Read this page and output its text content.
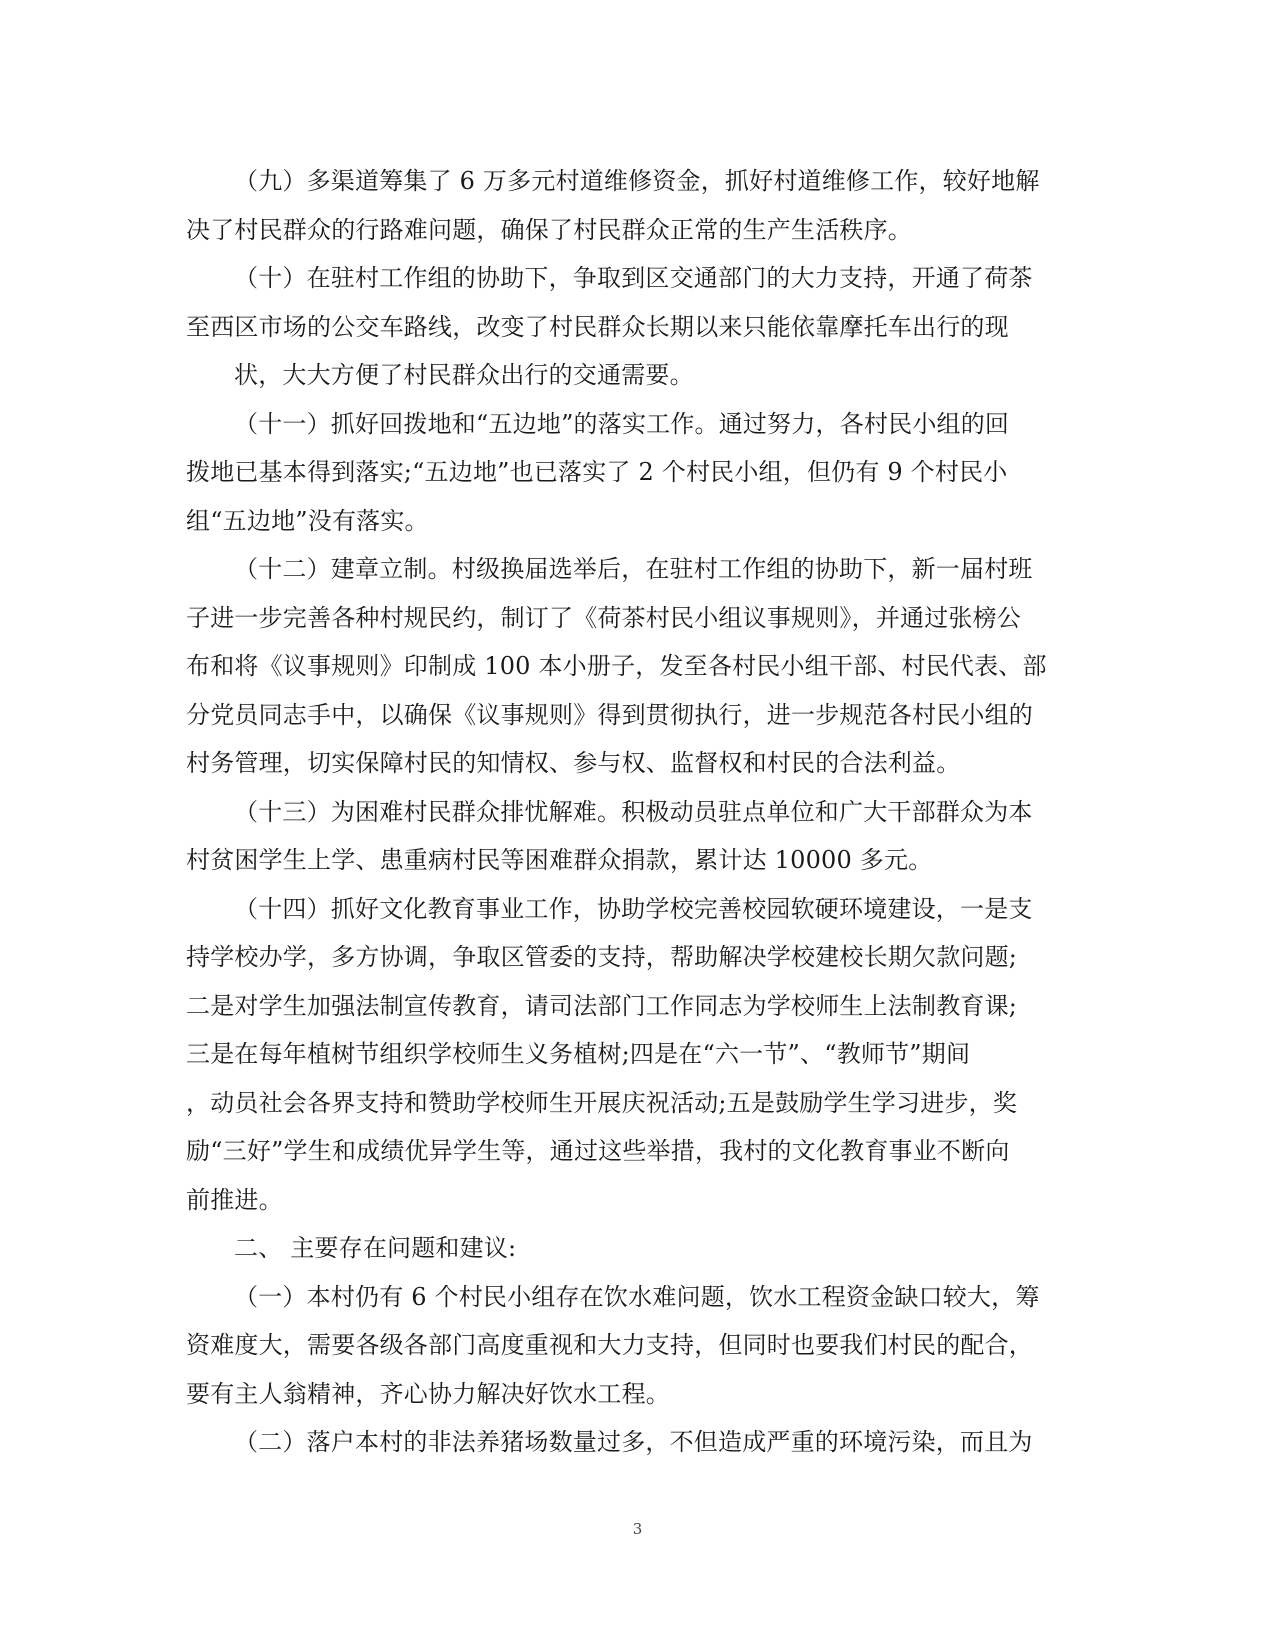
（九）多渠道筹集了 6 万多元村道维修资金，抓好村道维修工作，较好地解
决了村民群众的行路难问题，确保了村民群众正常的生产生活秩序。
（十）在驻村工作组的协助下，争取到区交通部门的大力支持，开通了荷茶
至西区市场的公交车路线，改变了村民群众长期以来只能依靠摩托车出行的现
状，大大方便了村民群众出行的交通需要。
（十一）抓好回拨地和“五边地”的落实工作。通过努力，各村民小组的回
拨地已基本得到落实;“五边地”也已落实了 2 个村民小组，但仍有 9 个村民小
组“五边地”没有落实。
（十二）建章立制。村级换届选举后，在驻村工作组的协助下，新一届村班
子进一步完善各种村规民约，制订了《荷茶村民小组议事规则》，并通过张榜公
布和将《议事规则》印制成 100 本小册子，发至各村民小组干部、村民代表、部
分党员同志手中，以确保《议事规则》得到贯彻执行，进一步规范各村民小组的
村务管理，切实保障村民的知情权、参与权、监督权和村民的合法利益。
（十三）为困难村民群众排忧解难。积极动员驻点单位和广大干部群众为本
村贫困学生上学、患重病村民等困难群众捐款，累计达 10000 多元。
（十四）抓好文化教育事业工作，协助学校完善校园软硬环境建设，一是支
持学校办学，多方协调，争取区管委的支持，帮助解决学校建校长期欠款问题;
二是对学生加强法制宣传教育，请司法部门工作同志为学校师生上法制教育课;
三是在每年植树节组织学校师生义务植树;四是在“六一节”、“教师节”期间
，动员社会各界支持和赞助学校师生开展庆祝活动;五是鼓励学生学习进步，奖
励“三好”学生和成绩优异学生等，通过这些举措，我村的文化教育事业不断向
前推进。
二、 主要存在问题和建议:
（一）本村仍有 6 个村民小组存在饮水难问题，饮水工程资金缺口较大，筹
资难度大，需要各级各部门高度重视和大力支持，但同时也要我们村民的配合，
要有主人翁精神，齐心协力解决好饮水工程。
（二）落户本村的非法养猪场数量过多，不但造成严重的环境污染，而且为
3
